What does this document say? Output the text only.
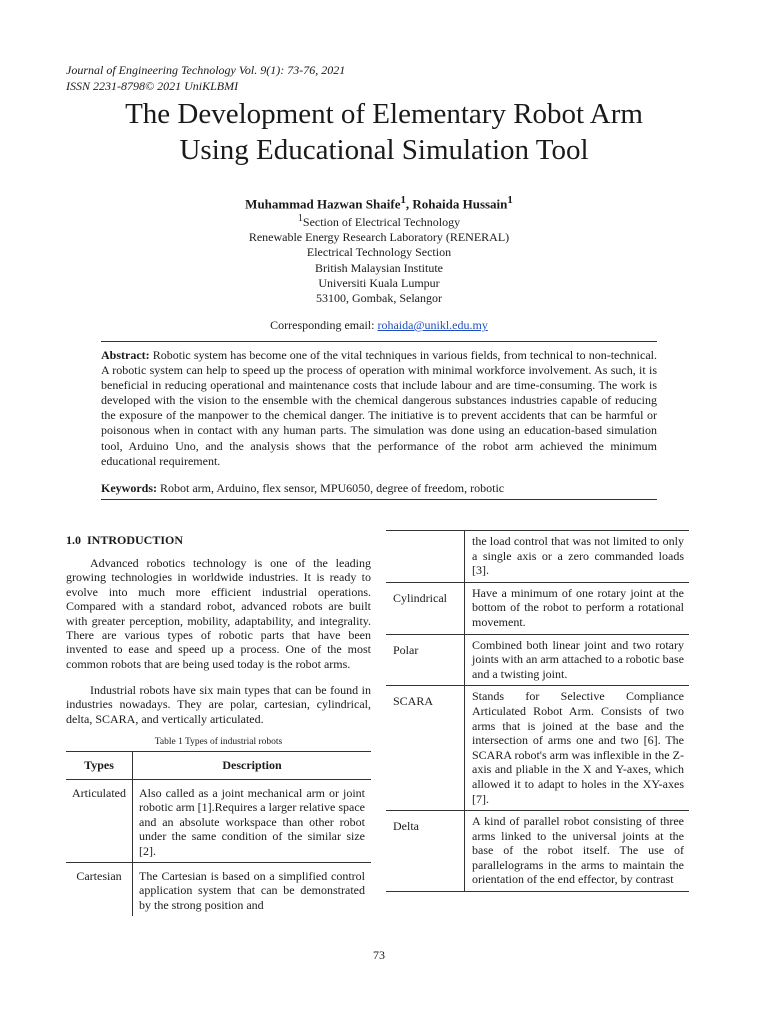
Journal of Engineering Technology Vol. 9(1): 73-76, 2021
ISSN 2231-8798© 2021 UniKLBMI
The Development of Elementary Robot Arm
Using Educational Simulation Tool
Muhammad Hazwan Shaife$^1$, Rohaida Hussain$^1$
$^1$Section of Electrical Technology
Renewable Energy Research Laboratory (RENERAL)
Electrical Technology Section
British Malaysian Institute
Universiti Kuala Lumpur
53100, Gombak, Selangor
Corresponding email: rohaida@unikl.edu.my
Abstract: Robotic system has become one of the vital techniques in various fields, from technical to non-technical. A robotic system can help to speed up the process of operation with minimal workforce involvement. As such, it is beneficial in reducing operational and maintenance costs that include labour and are time-consuming. The work is developed with the vision to the ensemble with the chemical dangerous substances industries capable of reducing the exposure of the manpower to the chemical danger. The initiative is to prevent accidents that can be harmful or poisonous when in contact with any human parts. The simulation was done using an education-based simulation tool, Arduino Uno, and the analysis shows that the performance of the robot arm achieved the minimum educational requirement.
Keywords: Robot arm, Arduino, flex sensor, MPU6050, degree of freedom, robotic
1.0 INTRODUCTION
Advanced robotics technology is one of the leading growing technologies in worldwide industries. It is ready to evolve into much more efficient industrial operations. Compared with a standard robot, advanced robots are built with greater perception, mobility, adaptability, and integrality. There are various types of robotic parts that have been invented to ease and speed up a process. One of the most common robots that are being used today is the robot arms.
Industrial robots have six main types that can be found in industries nowadays. They are polar, cartesian, cylindrical, delta, SCARA, and vertically articulated.
Table 1 Types of industrial robots
Types	Description
Articulated	Also called as a joint mechanical arm or joint robotic arm [1].Requires a larger relative space and an absolute workspace than other robot under the same condition of the similar size [2].
Cartesian	The Cartesian is based on a simplified control application system that can be demonstrated by the strong position and
	the load control that was not limited to only a single axis or a zero commanded loads [3].
Cylindrical	Have a minimum of one rotary joint at the bottom of the robot to perform a rotational movement.
Polar	Combined both linear joint and two rotary joints with an arm attached to a robotic base and a twisting joint.
SCARA	Stands for Selective Compliance Articulated Robot Arm. Consists of two arms that is joined at the base and the intersection of arms one and two [6]. The SCARA robot's arm was inflexible in the Z-axis and pliable in the X and Y-axes, which allowed it to adapt to holes in the XY-axes [7].
Delta	A kind of parallel robot consisting of three arms linked to the universal joints at the base of the robot itself. The use of parallelograms in the arms to maintain the orientation of the end effector, by contrast
73
